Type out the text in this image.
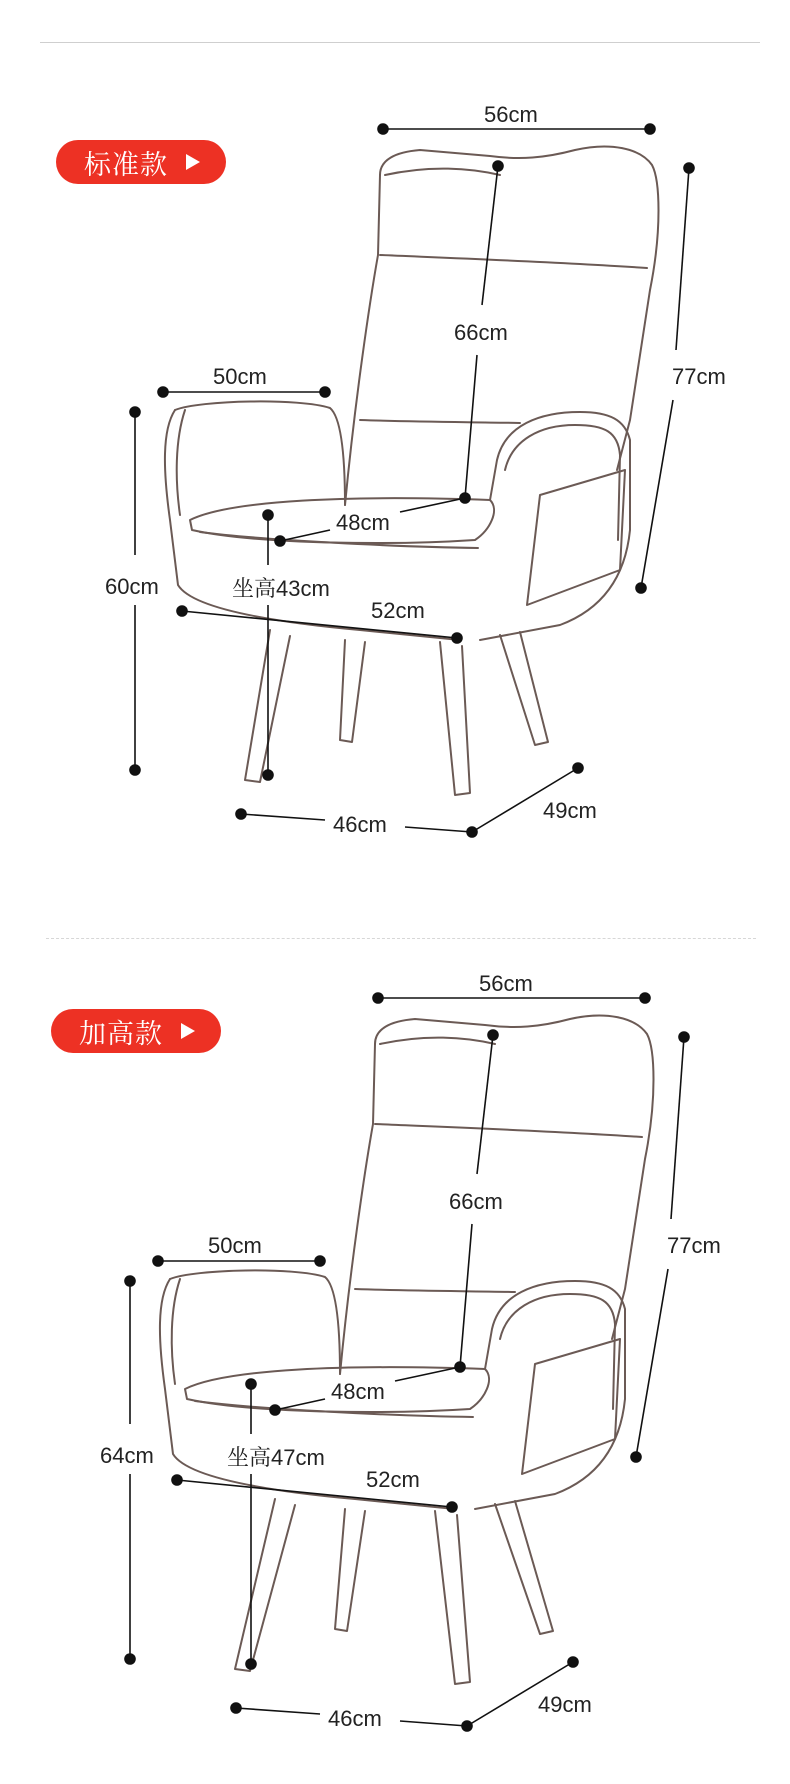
标准款
56cm
66cm
77cm
50cm
60cm
48cm
坐高43cm
52cm
46cm
49cm
加高款
56cm
66cm
77cm
50cm
64cm
48cm
坐高47cm
52cm
46cm
49cm
